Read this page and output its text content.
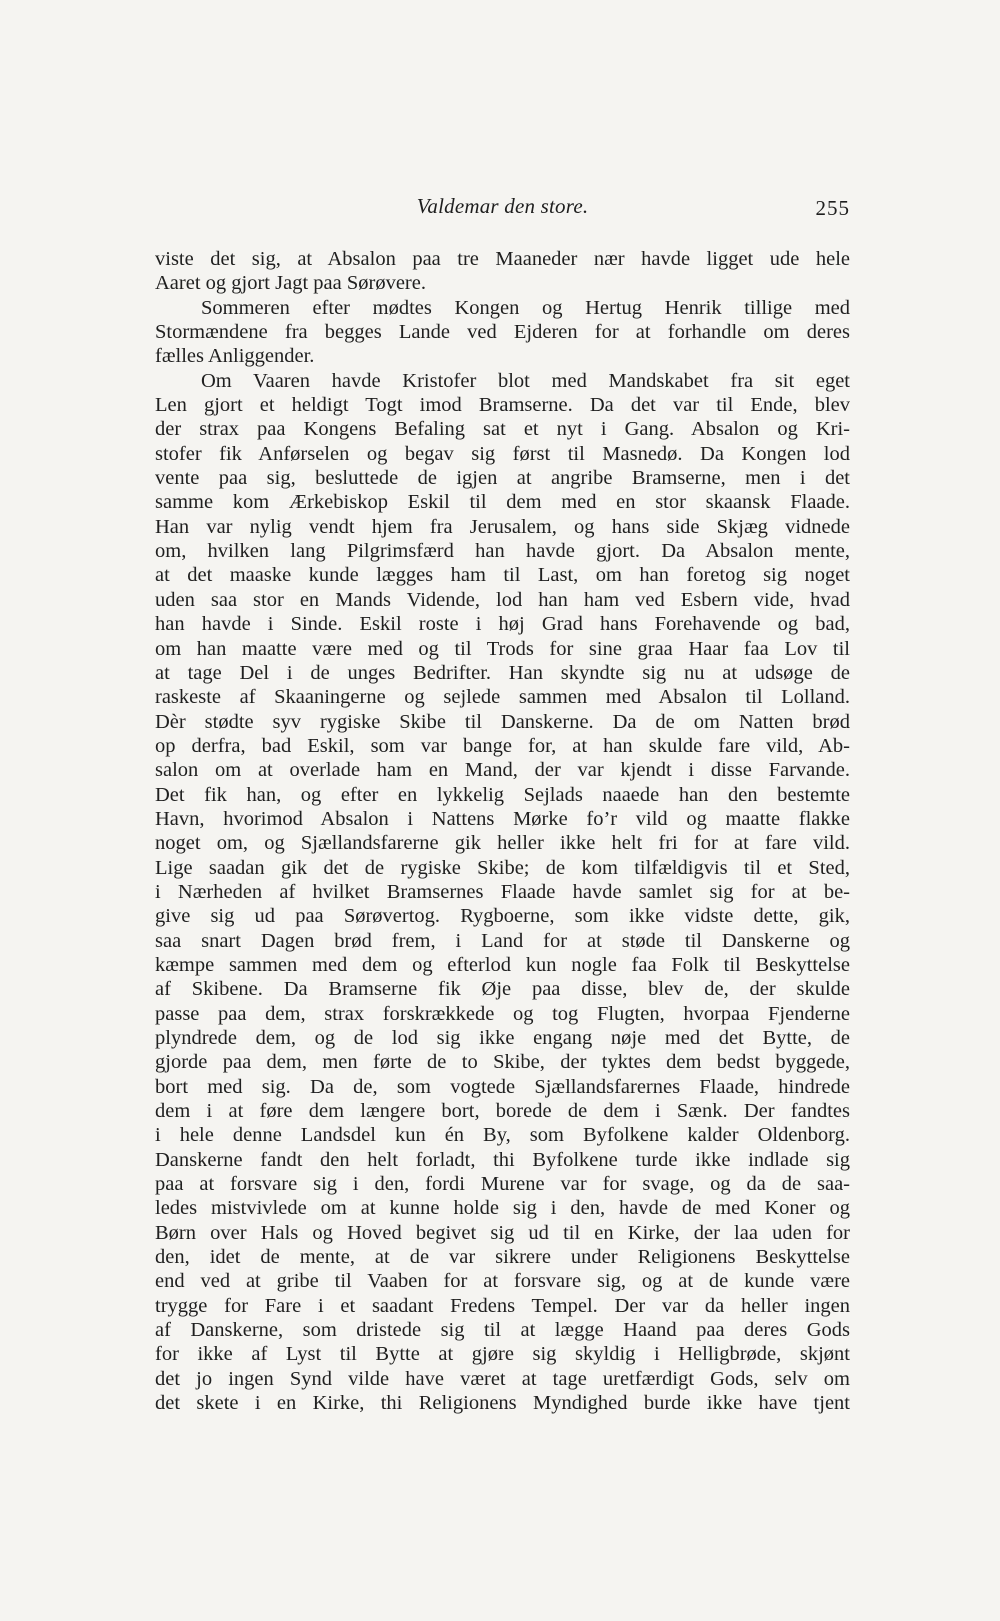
Valdemar den store.	255
viste det sig, at Absalon paa tre Maaneder nær havde ligget ude hele
Aaret og gjort Jagt paa Sørøvere.
Sommeren efter mødtes Kongen og Hertug Henrik tillige med
Stormændene fra begges Lande ved Ejderen for at forhandle om deres
fælles Anliggender.
Om Vaaren havde Kristofer blot med Mandskabet fra sit eget
Len gjort et heldigt Togt imod Bramserne. Da det var til Ende, blev
der strax paa Kongens Befaling sat et nyt i Gang. Absalon og Kri-
stofer fik Anførselen og begav sig først til Masnedø. Da Kongen lod
vente paa sig, besluttede de igjen at angribe Bramserne, men i det
samme kom Ærkebiskop Eskil til dem med en stor skaansk Flaade.
Han var nylig vendt hjem fra Jerusalem, og hans side Skjæg vidnede
om, hvilken lang Pilgrimsfærd han havde gjort. Da Absalon mente,
at det maaske kunde lægges ham til Last, om han foretog sig noget
uden saa stor en Mands Vidende, lod han ham ved Esbern vide, hvad
han havde i Sinde. Eskil roste i høj Grad hans Forehavende og bad,
om han maatte være med og til Trods for sine graa Haar faa Lov til
at tage Del i de unges Bedrifter. Han skyndte sig nu at udsøge de
raskeste af Skaaningerne og sejlede sammen med Absalon til Lolland.
Dèr stødte syv rygiske Skibe til Danskerne. Da de om Natten brød
op derfra, bad Eskil, som var bange for, at han skulde fare vild, Ab-
salon om at overlade ham en Mand, der var kjendt i disse Farvande.
Det fik han, og efter en lykkelig Sejlads naaede han den bestemte
Havn, hvorimod Absalon i Nattens Mørke fo’r vild og maatte flakke
noget om, og Sjællandsfarerne gik heller ikke helt fri for at fare vild.
Lige saadan gik det de rygiske Skibe; de kom tilfældigvis til et Sted,
i Nærheden af hvilket Bramsernes Flaade havde samlet sig for at be-
give sig ud paa Sørøvertog. Rygboerne, som ikke vidste dette, gik,
saa snart Dagen brød frem, i Land for at støde til Danskerne og
kæmpe sammen med dem og efterlod kun nogle faa Folk til Beskyttelse
af Skibene. Da Bramserne fik Øje paa disse, blev de, der skulde
passe paa dem, strax forskrækkede og tog Flugten, hvorpaa Fjenderne
plyndrede dem, og de lod sig ikke engang nøje med det Bytte, de
gjorde paa dem, men førte de to Skibe, der tyktes dem bedst byggede,
bort med sig. Da de, som vogtede Sjællandsfarernes Flaade, hindrede
dem i at føre dem længere bort, borede de dem i Sænk. Der fandtes
i hele denne Landsdel kun én By, som Byfolkene kalder Oldenborg.
Danskerne fandt den helt forladt, thi Byfolkene turde ikke indlade sig
paa at forsvare sig i den, fordi Murene var for svage, og da de saa-
ledes mistvivlede om at kunne holde sig i den, havde de med Koner og
Børn over Hals og Hoved begivet sig ud til en Kirke, der laa uden for
den, idet de mente, at de var sikrere under Religionens Beskyttelse
end ved at gribe til Vaaben for at forsvare sig, og at de kunde være
trygge for Fare i et saadant Fredens Tempel. Der var da heller ingen
af Danskerne, som dristede sig til at lægge Haand paa deres Gods
for ikke af Lyst til Bytte at gjøre sig skyldig i Helligbrøde, skjønt
det jo ingen Synd vilde have været at tage uretfærdigt Gods, selv om
det skete i en Kirke, thi Religionens Myndighed burde ikke have tjent
